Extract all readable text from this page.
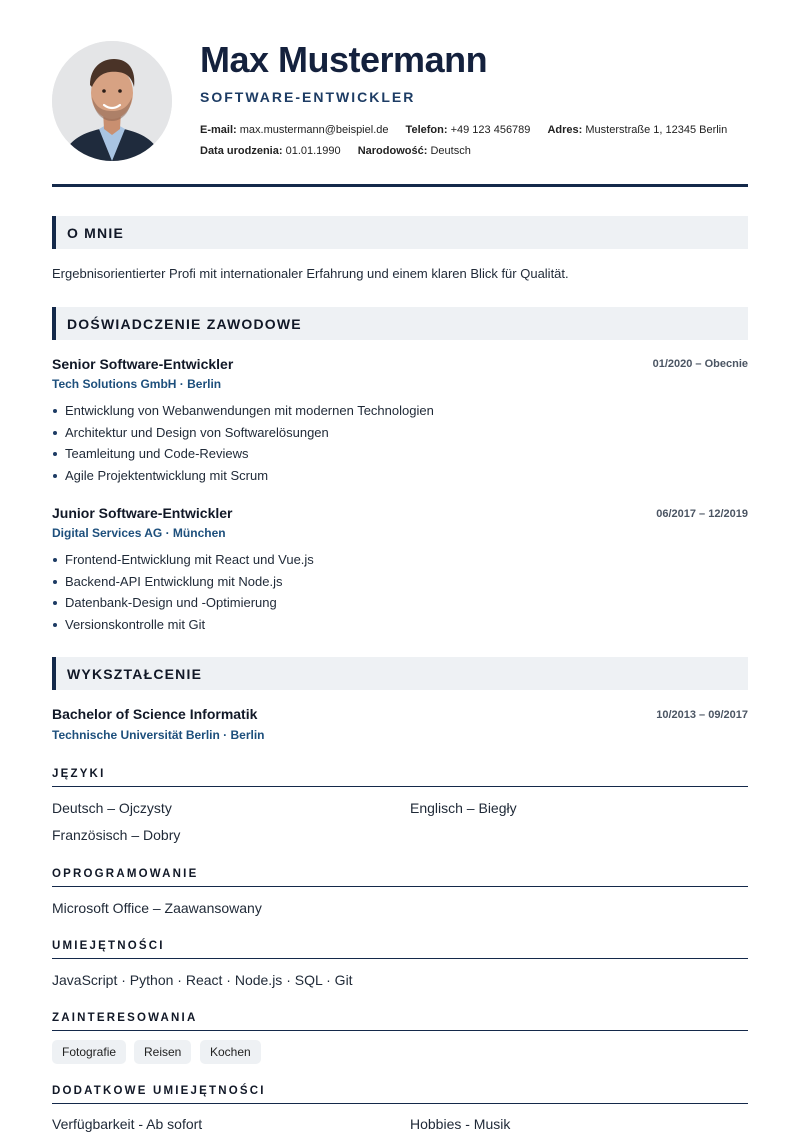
Max Mustermann
SOFTWARE-ENTWICKLER
E-mail: max.mustermann@beispiel.de Telefon: +49 123 456789 Adres: Musterstraße 1, 12345 Berlin
Data urodzenia: 01.01.1990 Narodowość: Deutsch
O MNIE
Ergebnisorientierter Profi mit internationaler Erfahrung und einem klaren Blick für Qualität.
DOŚWIADCZENIE ZAWODOWE
Senior Software-Entwickler	01/2020 – Obecnie
Tech Solutions GmbH · Berlin
Entwicklung von Webanwendungen mit modernen Technologien
Architektur und Design von Softwarelösungen
Teamleitung und Code-Reviews
Agile Projektentwicklung mit Scrum
Junior Software-Entwickler	06/2017 – 12/2019
Digital Services AG · München
Frontend-Entwicklung mit React und Vue.js
Backend-API Entwicklung mit Node.js
Datenbank-Design und -Optimierung
Versionskontrolle mit Git
WYKSZTAŁCENIE
Bachelor of Science Informatik	10/2013 – 09/2017
Technische Universität Berlin · Berlin
JĘZYKI
Deutsch – Ojczysty	Englisch – Biegły
Französisch – Dobry
OPROGRAMOWANIE
Microsoft Office – Zaawansowany
UMIEJĘTNOŚCI
JavaScript · Python · React · Node.js · SQL · Git
ZAINTERESOWANIA
Fotografie	Reisen	Kochen
DODATKOWE UMIEJĘTNOŚCI
Verfügbarkeit - Ab sofort	Hobbies - Musik
